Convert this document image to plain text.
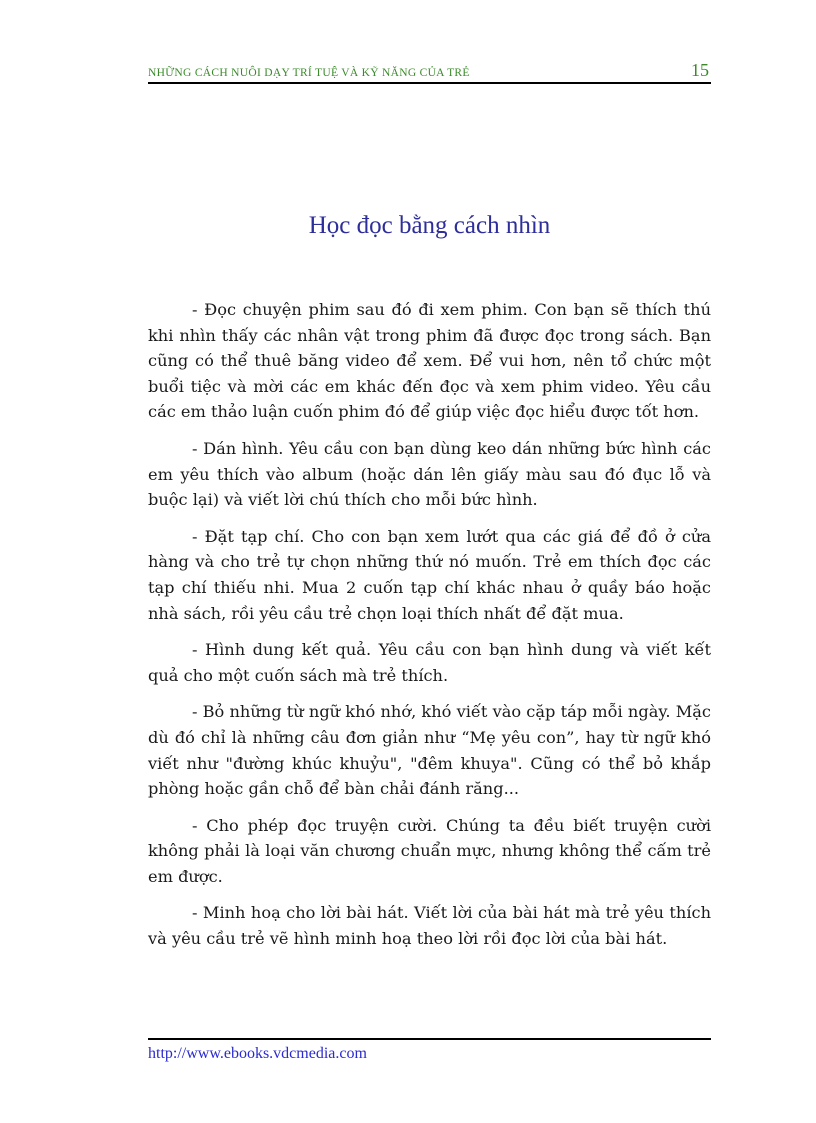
NHỮNG CÁCH NUÔI DẠY TRÍ TUỆ VÀ KỸ NĂNG CỦA TRẺ	15
Học đọc bằng cách nhìn

- Đọc chuyện phim sau đó đi xem phim. Con bạn sẽ thích thú khi nhìn thấy các nhân vật trong phim đã được đọc trong sách. Bạn cũng có thể thuê băng video để xem. Để vui hơn, nên tổ chức một buổi tiệc và mời các em khác đến đọc và xem phim video. Yêu cầu các em thảo luận cuốn phim đó để giúp việc đọc hiểu được tốt hơn.

- Dán hình. Yêu cầu con bạn dùng keo dán những bức hình các em yêu thích vào album (hoặc dán lên giấy màu sau đó đục lỗ và buộc lại) và viết lời chú thích cho mỗi bức hình.

- Đặt tạp chí. Cho con bạn xem lướt qua các giá để đồ ở cửa hàng và cho trẻ tự chọn những thứ nó muốn. Trẻ em thích đọc các tạp chí thiếu nhi. Mua 2 cuốn tạp chí khác nhau ở quầy báo hoặc nhà sách, rồi yêu cầu trẻ chọn loại thích nhất để đặt mua.

- Hình dung kết quả. Yêu cầu con bạn hình dung và viết kết quả cho một cuốn sách mà trẻ thích.

- Bỏ những từ ngữ khó nhớ, khó viết vào cặp táp mỗi ngày. Mặc dù đó chỉ là những câu đơn giản như “Mẹ yêu con”, hay từ ngữ khó viết như "đường khúc khuỷu", "đêm khuya". Cũng có thể bỏ khắp phòng hoặc gần chỗ để bàn chải đánh răng...

- Cho phép đọc truyện cười. Chúng ta đều biết truyện cười không phải là loại văn chương chuẩn mực, nhưng không thể cấm trẻ em được.

- Minh hoạ cho lời bài hát. Viết lời của bài hát mà trẻ yêu thích và yêu cầu trẻ vẽ hình minh hoạ theo lời rồi đọc lời của bài hát.

http://www.ebooks.vdcmedia.com
